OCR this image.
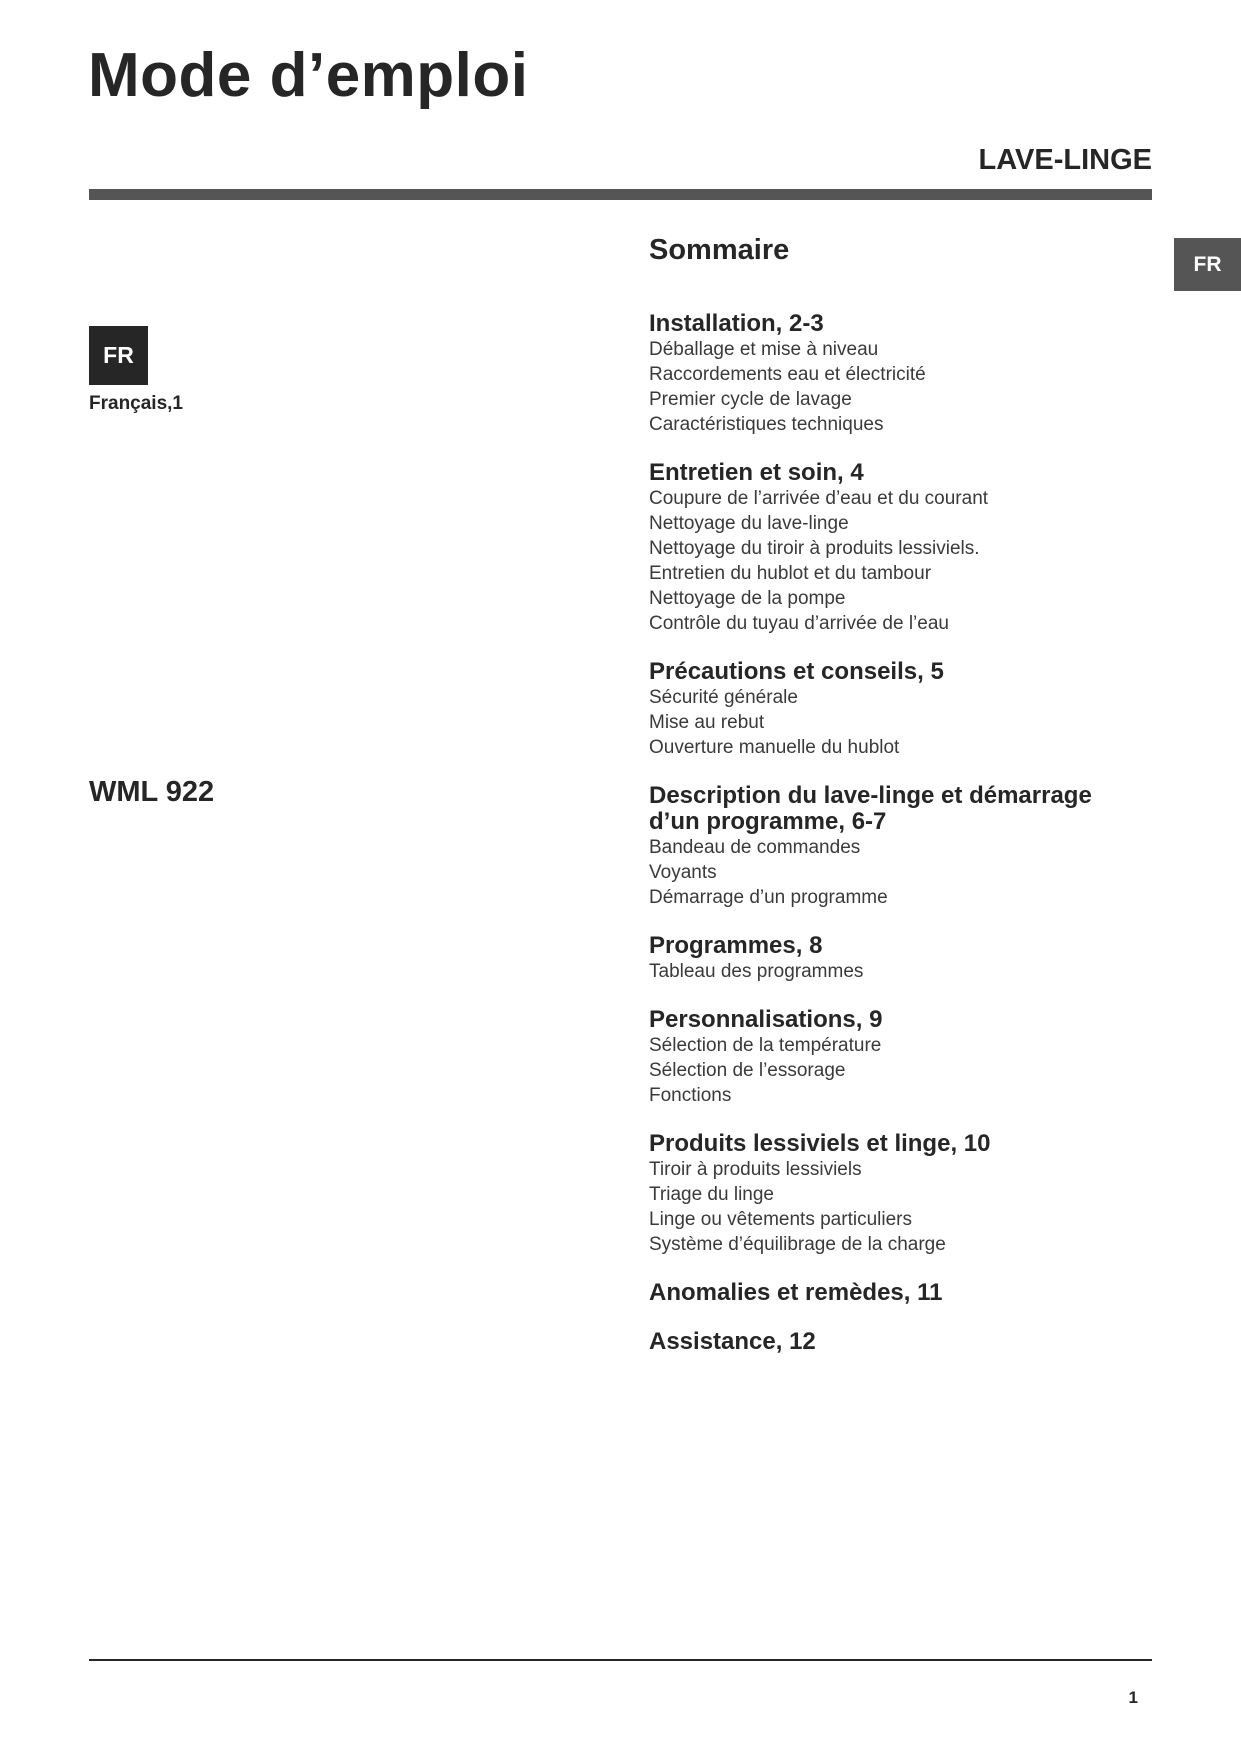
Mode d’emploi
LAVE-LINGE
FR
FR
Français,1
WML 922
Sommaire
Installation, 2-3
Déballage et mise à niveau
Raccordements eau et électricité
Premier cycle de lavage
Caractéristiques techniques
Entretien et soin, 4
Coupure de l’arrivée d’eau et du courant
Nettoyage du lave-linge
Nettoyage du tiroir à produits lessiviels.
Entretien du hublot et du tambour
Nettoyage de la pompe
Contrôle du tuyau d’arrivée de l’eau
Précautions et conseils, 5
Sécurité générale
Mise au rebut
Ouverture manuelle du hublot
Description du lave-linge et démarrage
d’un programme, 6-7
Bandeau de commandes
Voyants
Démarrage d’un programme
Programmes, 8
Tableau des programmes
Personnalisations, 9
Sélection de la température
Sélection de l’essorage
Fonctions
Produits lessiviels et linge, 10
Tiroir à produits lessiviels
Triage du linge
Linge ou vêtements particuliers
Système d’équilibrage de la charge
Anomalies et remèdes, 11
Assistance, 12
1
